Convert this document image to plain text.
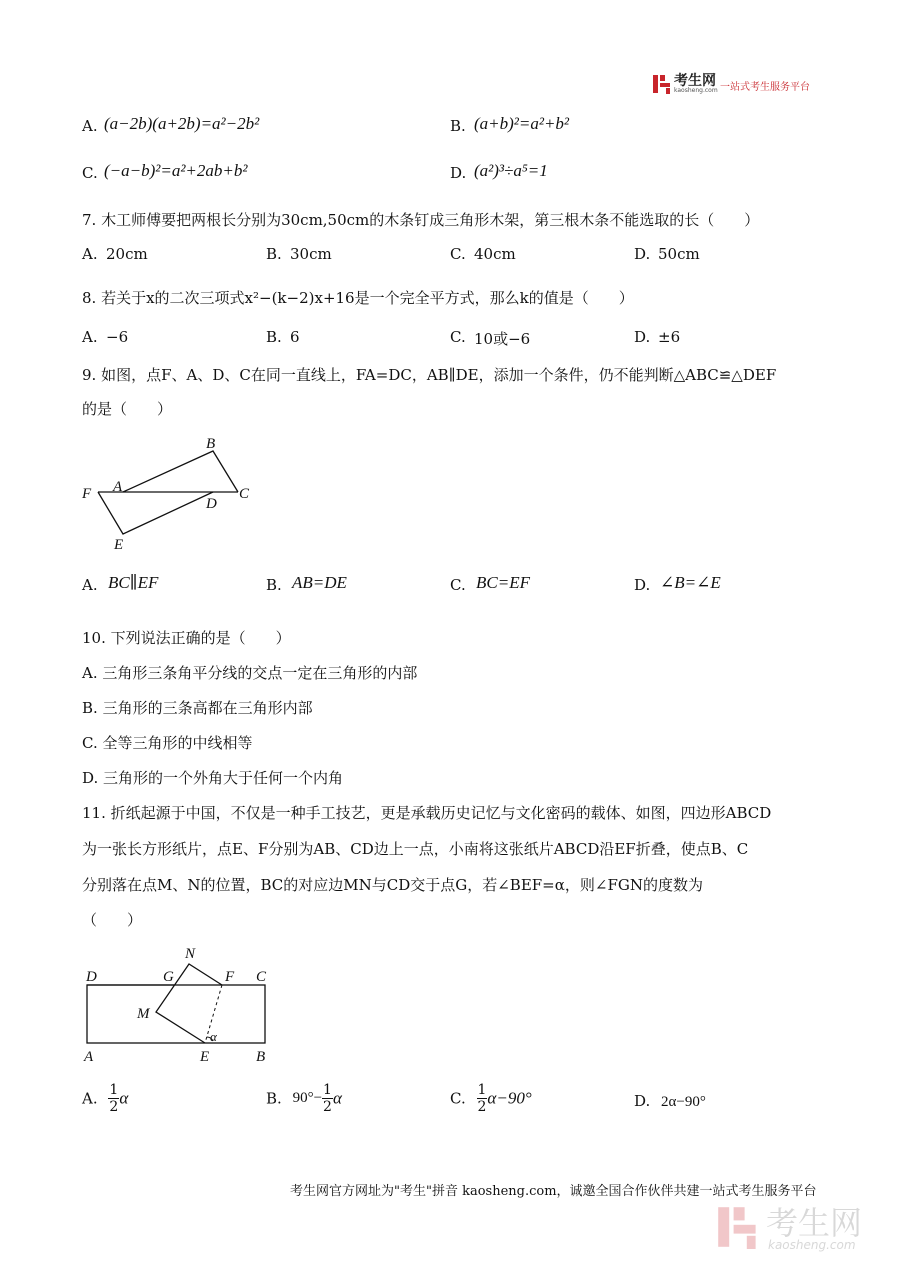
考生网
kaosheng.com 一站式考生服务平台
A. (a−2b)(a+2b)=a²−2b²	B. (a+b)²=a²+b²
C. (−a−b)²=a²+2ab+b²	D. (a²)³÷a⁵=1
7. 木工师傅要把两根长分别为30cm,50cm的木条钉成三角形木架，第三根木条不能选取的长（　　）
A. 20cm	B. 30cm	C. 40cm	D. 50cm
8. 若关于x的二次三项式x²−(k−2)x+16是一个完全平方式，那么k的值是（　　）
A. −6	B. 6	C. 10或−6	D. ±6
9. 如图，点F、A、D、C在同一直线上，FA=DC，AB∥DE，添加一个条件，仍不能判断△ABC≌△DEF
的是（　　）
B
F A
D
C
E
A. BC∥EF	B. AB=DE	C. BC=EF	D. ∠B=∠E
10. 下列说法正确的是（　　）
A. 三角形三条角平分线的交点一定在三角形的内部
B. 三角形的三条高都在三角形内部
C. 全等三角形的中线相等
D. 三角形的一个外角大于任何一个内角
11. 折纸起源于中国，不仅是一种手工技艺，更是承载历史记忆与文化密码的载体、如图，四边形ABCD
为一张长方形纸片，点E、F分别为AB、CD边上一点，小南将这张纸片ABCD沿EF折叠，使点B、C
分别落在点M、N的位置，BC的对应边MN与CD交于点G，若∠BEF=α，则∠FGN的度数为
（　　）
N
D	G	F C
M
α
A	E	B
A. $\frac{1}{2}$ α	B. $90^\circ- \frac{1}{2}$ α	C. $\frac{1}{2} \alpha-90^\circ$	D. 2α−90°
考生网官方网址为"考生"拼音 kaosheng.com，诚邀全国合作伙伴共建一站式考生服务平台
考生网
kaosheng.com
